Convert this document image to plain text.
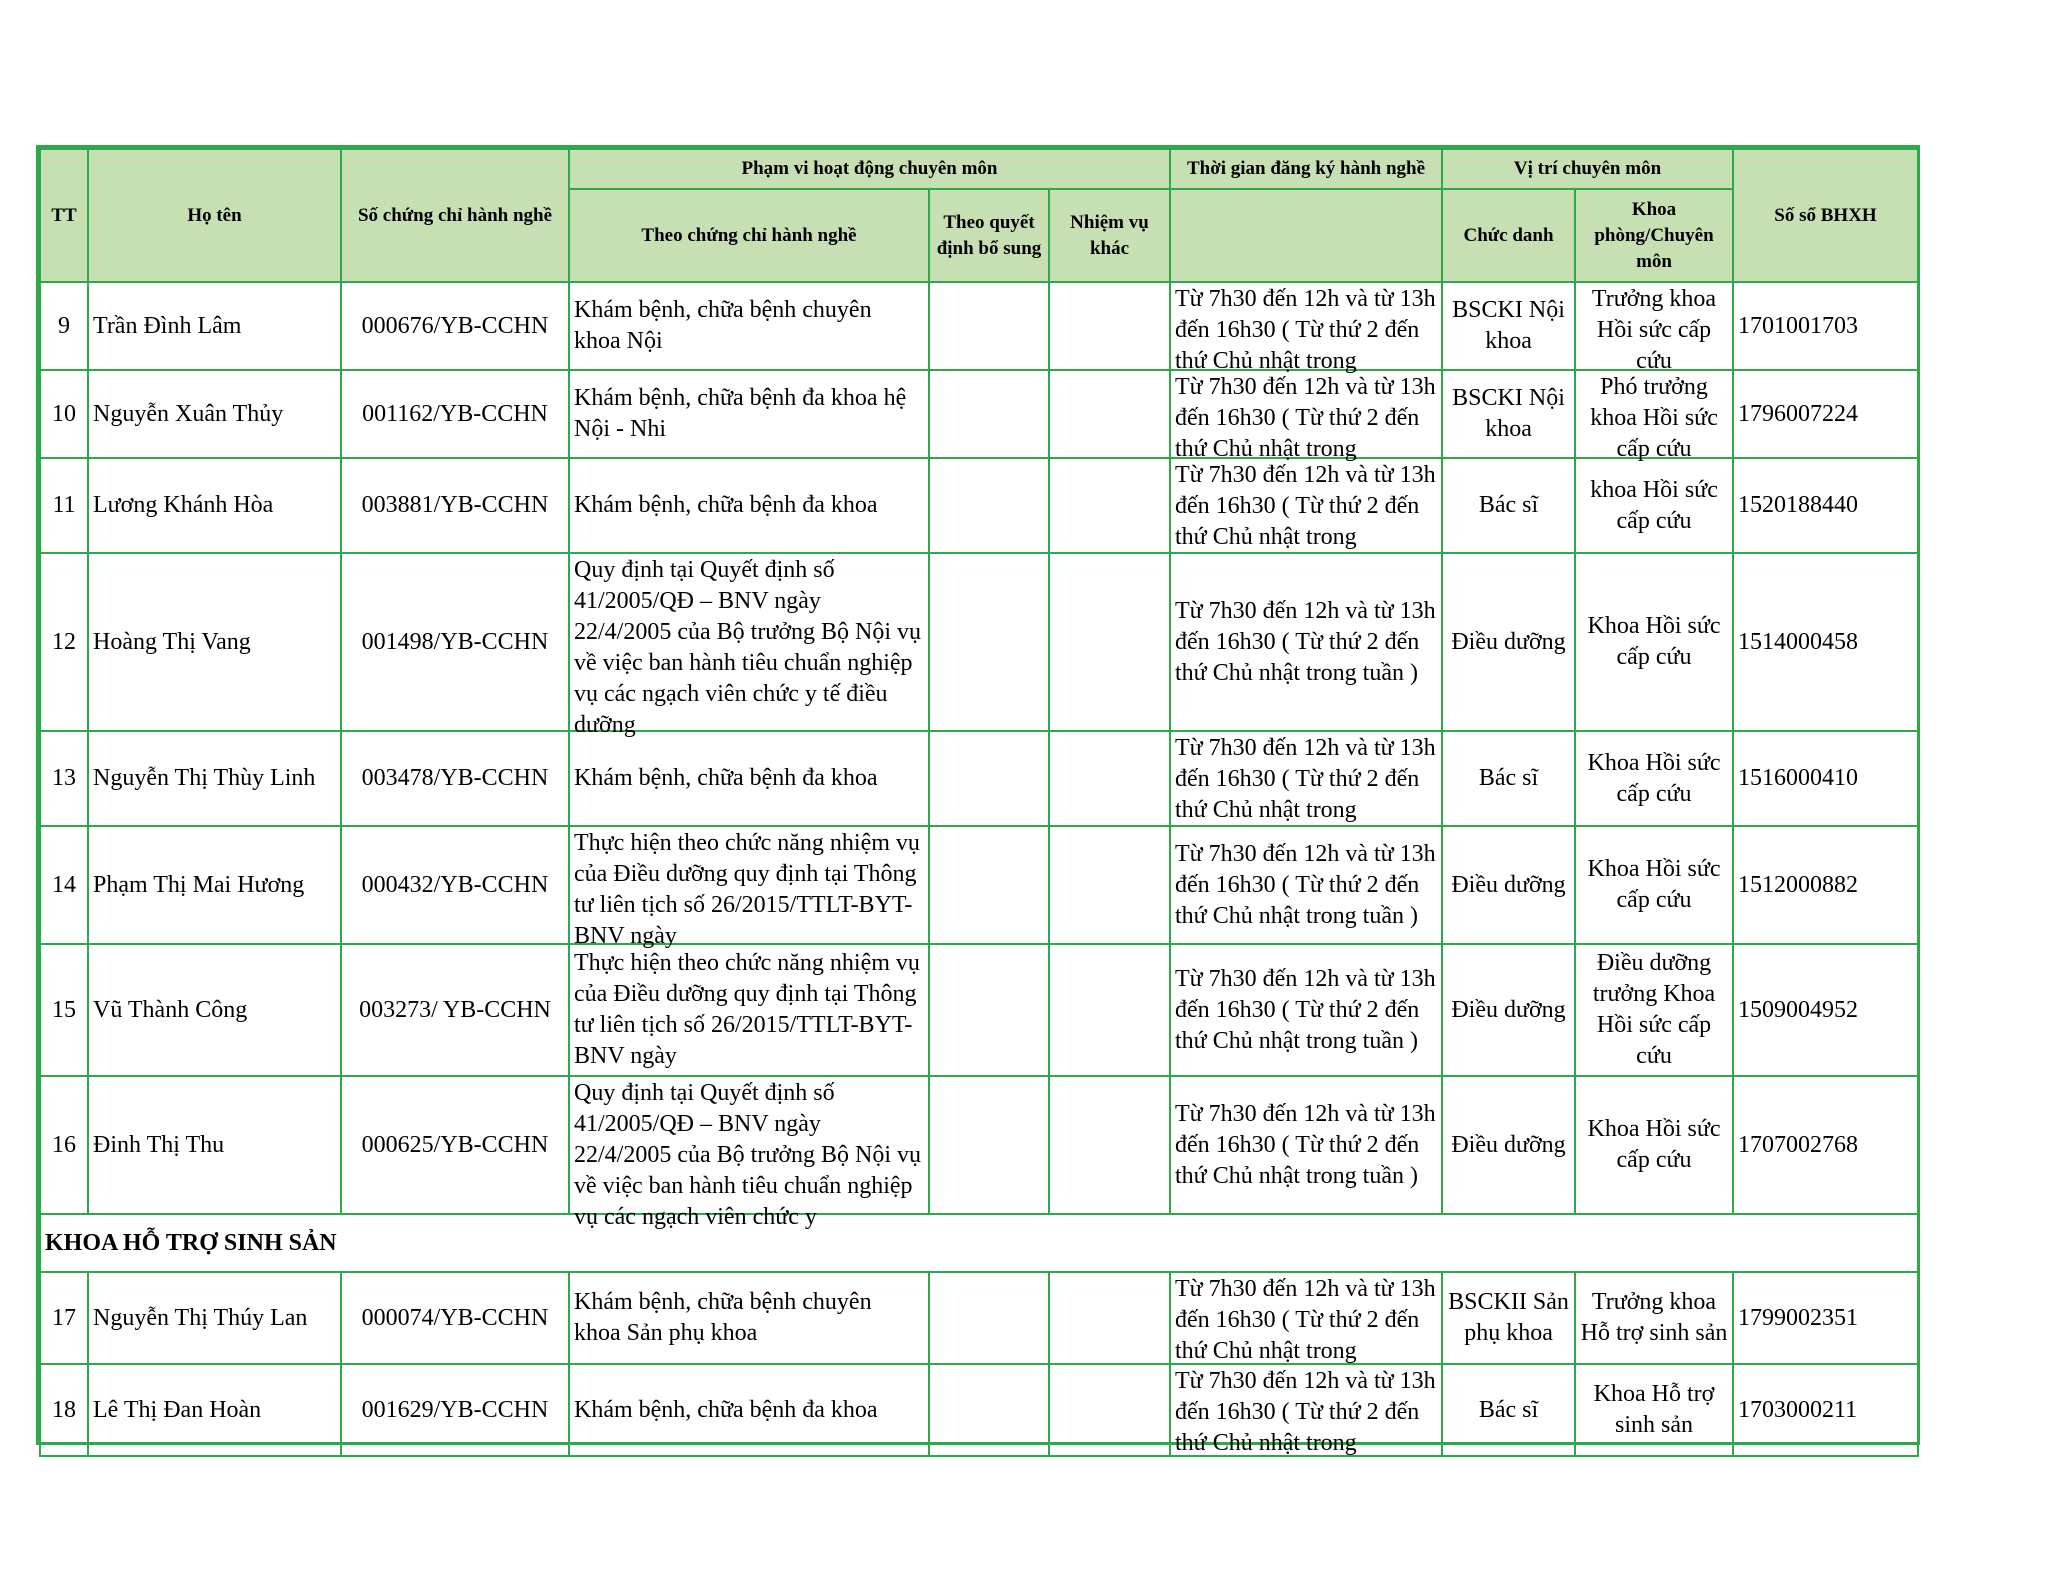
TT	Họ tên	Số chứng chỉ hành nghề	Phạm vi hoạt động chuyên môn			Thời gian đăng ký hành nghề	Vị trí chuyên môn		Số sổ BHXH
			Theo chứng chỉ hành nghề	Theo quyết định bổ sung	Nhiệm vụ khác		Chức danh	Khoa phòng/Chuyên môn	

9	Trần Đình Lâm	000676/YB-CCHN	Khám bệnh, chữa bệnh chuyên khoa Nội			Từ 7h30 đến 12h và từ 13h đến 16h30 ( Từ thứ 2 đến thứ Chủ nhật trong	BSCKI Nội khoa	Trưởng khoa Hồi sức cấp cứu	1701001703

10	Nguyễn Xuân Thủy	001162/YB-CCHN	Khám bệnh, chữa bệnh đa khoa hệ Nội - Nhi			Từ 7h30 đến 12h và từ 13h đến 16h30 ( Từ thứ 2 đến thứ Chủ nhật trong	BSCKI Nội khoa	Phó trưởng khoa Hồi sức cấp cứu	1796007224

11	Lương Khánh Hòa	003881/YB-CCHN	Khám bệnh, chữa bệnh đa khoa			Từ 7h30 đến 12h và từ 13h đến 16h30 ( Từ thứ 2 đến thứ Chủ nhật trong	Bác sĩ	khoa Hồi sức cấp cứu	1520188440

12	Hoàng Thị Vang	001498/YB-CCHN	Quy định tại Quyết định số 41/2005/QĐ – BNV ngày 22/4/2005 của Bộ trưởng Bộ Nội vụ về việc ban hành tiêu chuẩn nghiệp vụ các ngạch viên chức y tế điều dưỡng			Từ 7h30 đến 12h và từ 13h đến 16h30 ( Từ thứ 2 đến thứ Chủ nhật trong tuần )	Điều dưỡng	Khoa Hồi sức cấp cứu	1514000458

13	Nguyễn Thị Thùy Linh	003478/YB-CCHN	Khám bệnh, chữa bệnh đa khoa			Từ 7h30 đến 12h và từ 13h đến 16h30 ( Từ thứ 2 đến thứ Chủ nhật trong	Bác sĩ	Khoa Hồi sức cấp cứu	1516000410

14	Phạm Thị Mai Hương	000432/YB-CCHN	Thực hiện theo chức năng nhiệm vụ của Điều dưỡng quy định tại Thông tư liên tịch số 26/2015/TTLT-BYT-BNV ngày			Từ 7h30 đến 12h và từ 13h đến 16h30 ( Từ thứ 2 đến thứ Chủ nhật trong tuần )	Điều dưỡng	Khoa Hồi sức cấp cứu	1512000882

15	Vũ Thành Công	003273/ YB-CCHN	Thực hiện theo chức năng nhiệm vụ của Điều dưỡng quy định tại Thông tư liên tịch số 26/2015/TTLT-BYT-BNV ngày			Từ 7h30 đến 12h và từ 13h đến 16h30 ( Từ thứ 2 đến thứ Chủ nhật trong tuần )	Điều dưỡng	Điều dưỡng trưởng Khoa Hồi sức cấp cứu	1509004952

16	Đinh Thị Thu	000625/YB-CCHN	Quy định tại Quyết định số 41/2005/QĐ – BNV ngày 22/4/2005 của Bộ trưởng Bộ Nội vụ về việc ban hành tiêu chuẩn nghiệp vụ các ngạch viên chức y			Từ 7h30 đến 12h và từ 13h đến 16h30 ( Từ thứ 2 đến thứ Chủ nhật trong tuần )	Điều dưỡng	Khoa Hồi sức cấp cứu	1707002768

KHOA HỖ TRỢ SINH SẢN									

17	Nguyễn Thị Thúy Lan	000074/YB-CCHN	Khám bệnh, chữa bệnh chuyên khoa Sản phụ khoa			Từ 7h30 đến 12h và từ 13h đến 16h30 ( Từ thứ 2 đến thứ Chủ nhật trong	BSCKII Sản phụ khoa	Trưởng khoa Hỗ trợ sinh sản	1799002351

18	Lê Thị Đan Hoàn	001629/YB-CCHN	Khám bệnh, chữa bệnh đa khoa			Từ 7h30 đến 12h và từ 13h đến 16h30 ( Từ thứ 2 đến thứ Chủ nhật trong	Bác sĩ	Khoa Hỗ trợ sinh sản	1703000211
